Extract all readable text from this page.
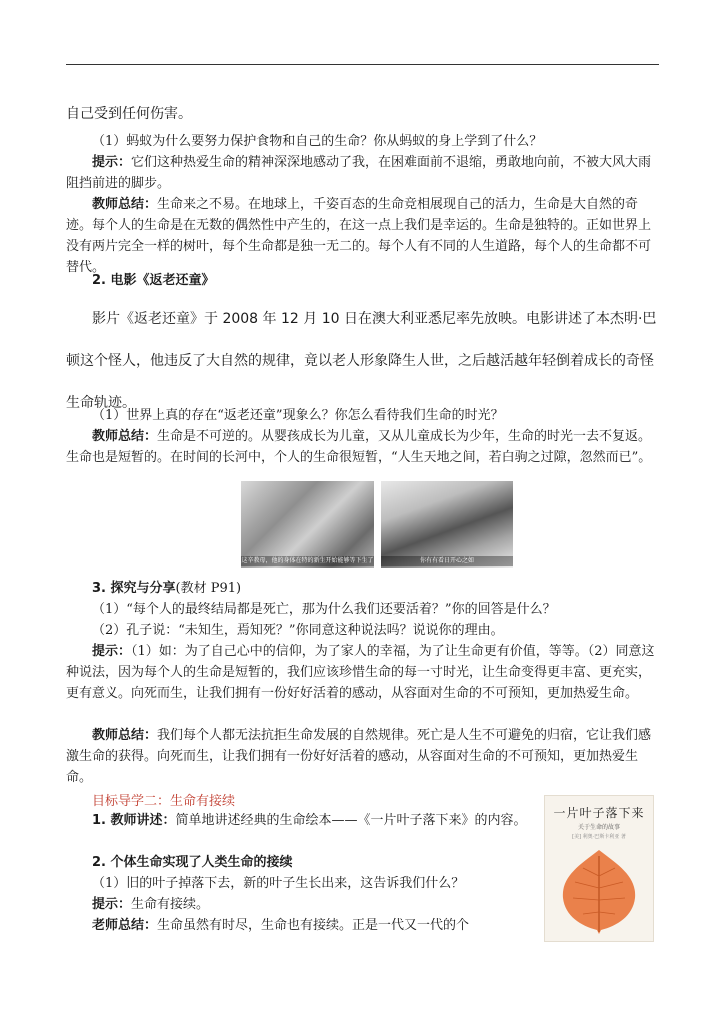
自己受到任何伤害。
（1）蚂蚁为什么要努力保护食物和自己的生命？你从蚂蚁的身上学到了什么？
提示：它们这种热爱生命的精神深深地感动了我，在困难面前不退缩，勇敢地向前，不被大风大雨阻挡前进的脚步。
教师总结：生命来之不易。在地球上，千姿百态的生命竞相展现自己的活力，生命是大自然的奇迹。每个人的生命是在无数的偶然性中产生的，在这一点上我们是幸运的。生命是独特的。正如世界上没有两片完全一样的树叶，每个生命都是独一无二的。每个人有不同的人生道路，每个人的生命都不可替代。
2. 电影《返老还童》
影片《返老还童》于 2008 年 12 月 10 日在澳大利亚悉尼率先放映。电影讲述了本杰明·巴顿这个怪人，他违反了大自然的规律，竟以老人形象降生人世，之后越活越年轻倒着成长的奇怪生命轨迹。
（1）世界上真的存在“返老还童”现象么？你怎么看待我们生命的时光？
教师总结：生命是不可逆的。从婴孩成长为儿童，又从儿童成长为少年，生命的时光一去不复返。生命也是短暂的。在时间的长河中，个人的生命很短暂，“人生天地之间，若白驹之过隙，忽然而已”。
这辛教母，他的身体在特的新生开始能够等下生了	你有有看日开心之如
3. 探究与分享(教材 P91)
（1）“每个人的最终结局都是死亡，那为什么我们还要活着？”你的回答是什么？
（2）孔子说：“未知生，焉知死？”你同意这种说法吗？说说你的理由。
提示：（1）如：为了自己心中的信仰，为了家人的幸福，为了让生命更有价值，等等。（2）同意这种说法，因为每个人的生命是短暂的，我们应该珍惜生命的每一寸时光，让生命变得更丰富、更充实，更有意义。向死而生，让我们拥有一份好好活着的感动，从容面对生命的不可预知，更加热爱生命。
教师总结：我们每个人都无法抗拒生命发展的自然规律。死亡是人生不可避免的归宿，它让我们感激生命的获得。向死而生，让我们拥有一份好好活着的感动，从容面对生命的不可预知，更加热爱生命。
目标导学二：生命有接续
1. 教师讲述：简单地讲述经典的生命绘本——《一片叶子落下来》的内容。
2. 个体生命实现了人类生命的接续
（1）旧的叶子掉落下去，新的叶子生长出来，这告诉我们什么？
提示：生命有接续。
老师总结：生命虽然有时尽，生命也有接续。正是一代又一代的个
一片叶子落下来
关于生命的故事
[美] 利奥·巴斯卡利亚 著
